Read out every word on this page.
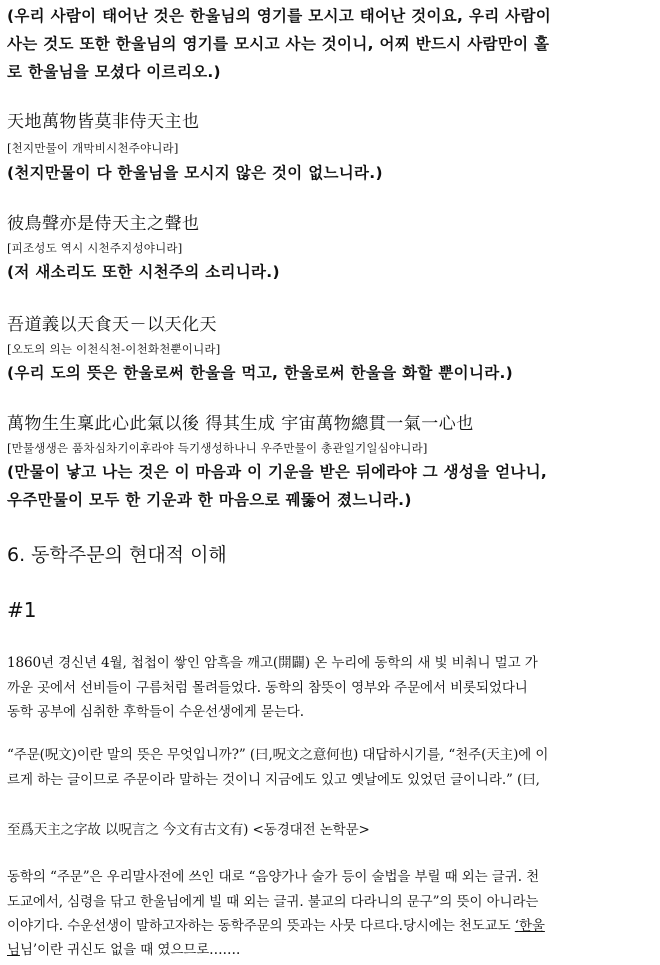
(우리 사람이 태어난 것은 한울님의 영기를 모시고 태어난 것이요, 우리 사람이
사는 것도 또한 한울님의 영기를 모시고 사는 것이니, 어찌 반드시 사람만이 홀
로 한울님을 모셨다 이르리오.)
天地萬物皆莫非侍天主也
[천지만물이 개막비시천주야니라]
(천지만물이 다 한울님을 모시지 않은 것이 없느니라.)
彼鳥聲亦是侍天主之聲也
[피조성도 역시 시천주지성야니라]
(저 새소리도 또한 시천주의 소리니라.)
吾道義以天食天－以天化天
[오도의 의는 이천식천-이천화천뿐이니라]
(우리 도의 뜻은 한울로써 한울을 먹고, 한울로써 한울을 화할 뿐이니라.)
萬物生生稟此心此氣以後 得其生成 宇宙萬物總貫一氣一心也
[만물생생은 품차심차기이후라야 득기생성하나니 우주만물이 총관일기일심야니라]
(만물이 낳고 나는 것은 이 마음과 이 기운을 받은 뒤에라야 그 생성을 얻나니,
우주만물이 모두 한 기운과 한 마음으로 꿰뚫어 졌느니라.)
6. 동학주문의 현대적 이해
#1
1860년 경신년 4월, 첩첩이 쌓인 암흑을 깨고(開闢) 온 누리에 동학의 새 빛 비춰니 멀고 가
까운 곳에서 선비들이 구름처럼 몰려들었다. 동학의 참뜻이 영부와 주문에서 비롯되었다니
동학 공부에 심취한 후학들이 수운선생에게 묻는다.
“주문(呪文)이란 말의 뜻은 무엇입니까?” (曰,呪文之意何也) 대답하시기를, “천주(天主)에 이
르게 하는 글이므로 주문이라 말하는 것이니 지금에도 있고 옛날에도 있었던 글이니라.” (曰,
至爲天主之字故 以呪言之 今文有古文有) <동경대전 논학문>
동학의 “주문”은 우리말사전에 쓰인 대로 “음양가나 술가 등이 술법을 부릴 때 외는 글귀. 천
도교에서, 심령을 닦고 한울님에게 빌 때 외는 글귀. 불교의 다라니의 문구”의 뜻이 아니라는
이야기다. 수운선생이 말하고자하는 동학주문의 뜻과는 사뭇 다르다.당시에는 천도교도 ‘한울
님님’이란 귀신도 없을 때 였으므로…….
